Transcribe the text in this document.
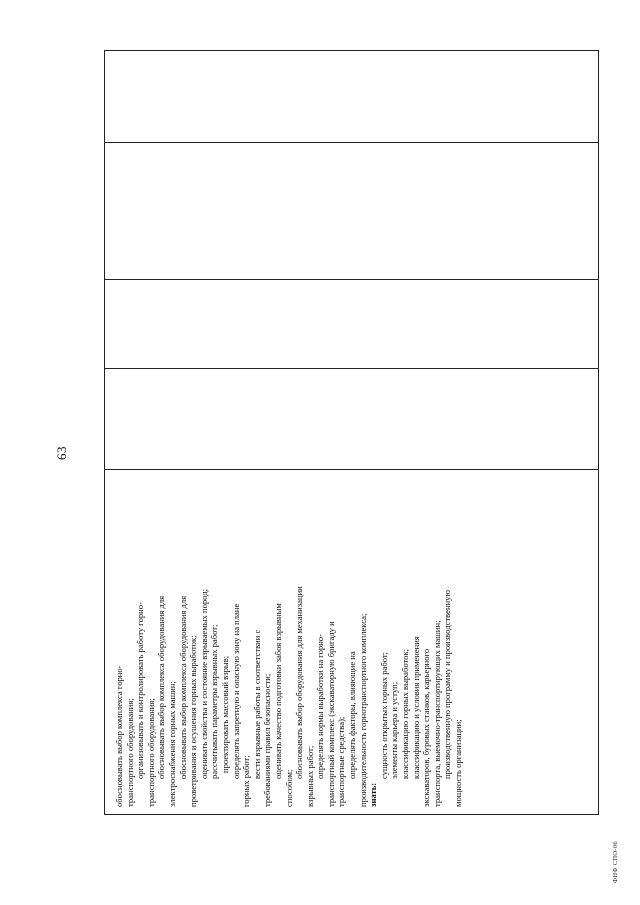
63
обосновывать выбор комплекса горно- транспортного оборудования; организовывать и контролировать работу горно- транспортного оборудования; обосновывать выбор комплекса оборудования для электроснабжения горных машин; обосновывать выбор комплекса оборудования для проветривания и осушения горных выработок; оценивать свойства и состояние взрываемых пород; рассчитывать параметры взрывных работ; проектировать массовый взрыв; определять запретную и опасную зону на плане
горных работ;
вести взрывные работы в соответствии с требованиями правил безопасности; оценивать качество подготовки забоя взрывным
способом;
обосновывать выбор оборудования для механизации взрывных работ; определять нормы выработки на горно- транспортный комплекс (экскаваторную бригаду и транспортные средства); определять факторы, влияющие на производительность горнотранспортного комплекса; знать:
сущность открытых горных работ; элементы карьера и уступ; классификацию горных выработок; классификацию и условия применения экскаваторов, буровых станков, карьерного транспорта, выемочно-транспортирующих машин; производственную программу и производственную мощность организации;
ФНФ СПО-06
